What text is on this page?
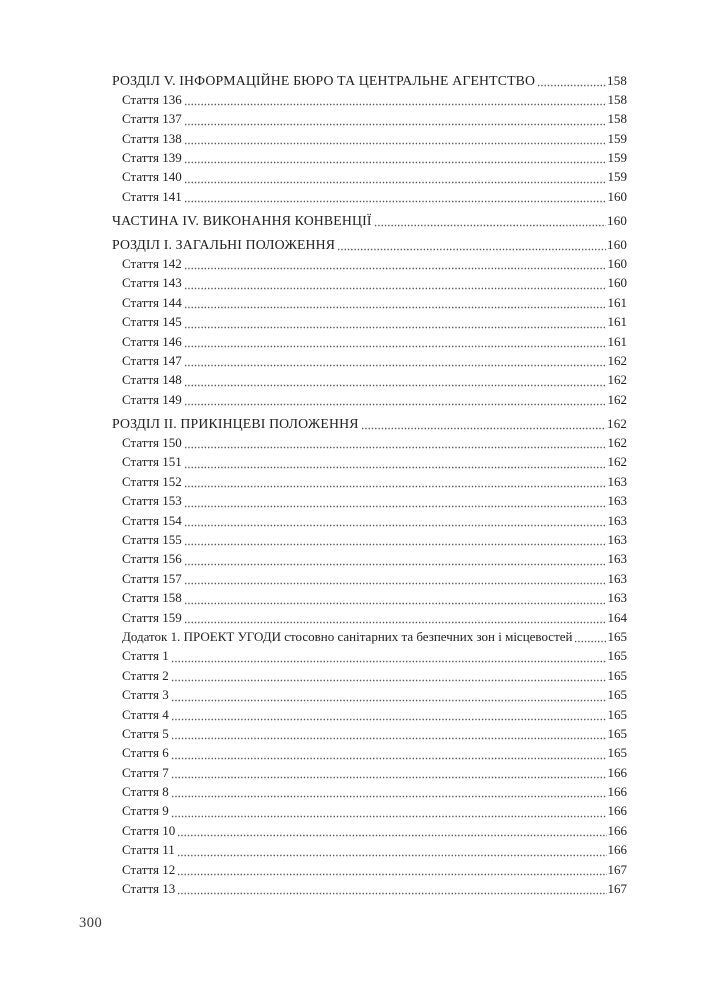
РОЗДІЛ V. ІНФОРМАЦІЙНЕ БЮРО ТА ЦЕНТРАЛЬНЕ АГЕНТСТВО	158
Стаття 136	158
Стаття 137	158
Стаття 138	159
Стаття 139	159
Стаття 140	159
Стаття 141	160
ЧАСТИНА IV. ВИКОНАННЯ КОНВЕНЦІЇ	160
РОЗДІЛ I. ЗАГАЛЬНІ ПОЛОЖЕННЯ	160
Стаття 142	160
Стаття 143	160
Стаття 144	161
Стаття 145	161
Стаття 146	161
Стаття 147	162
Стаття 148	162
Стаття 149	162
РОЗДІЛ II. ПРИКІНЦЕВІ ПОЛОЖЕННЯ	162
Стаття 150	162
Стаття 151	162
Стаття 152	163
Стаття 153	163
Стаття 154	163
Стаття 155	163
Стаття 156	163
Стаття 157	163
Стаття 158	163
Стаття 159	164
Додаток 1. ПРОЕКТ УГОДИ стосовно санітарних та безпечних зон і місцевостей	165
Стаття 1	165
Стаття 2	165
Стаття 3	165
Стаття 4	165
Стаття 5	165
Стаття 6	165
Стаття 7	166
Стаття 8	166
Стаття 9	166
Стаття 10	166
Стаття 11	166
Стаття 12	167
Стаття 13	167
300
